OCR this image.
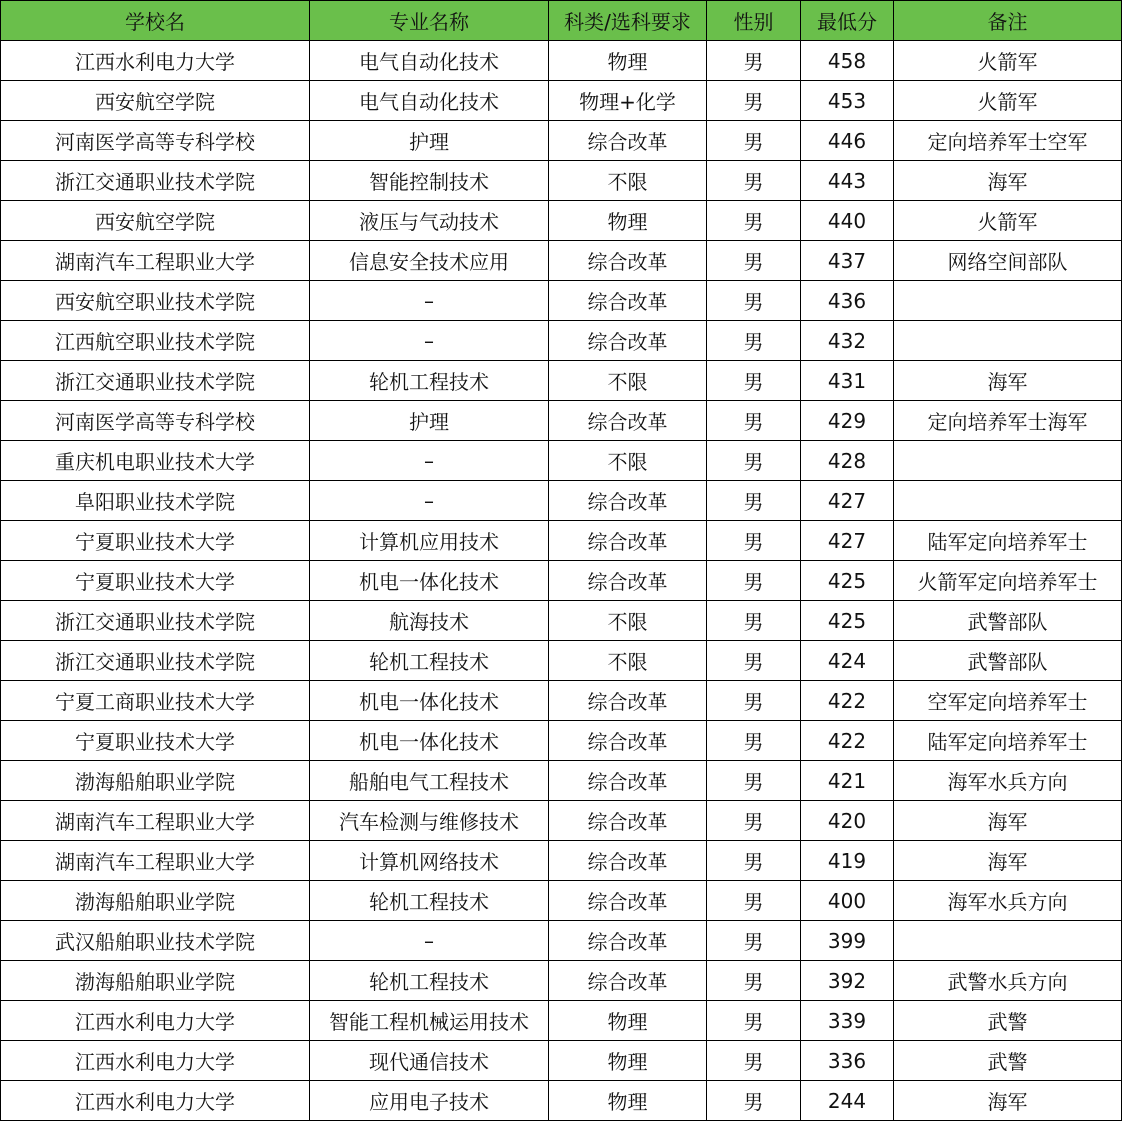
学校名	专业名称	科类/选科要求	性别	最低分	备注
江西水利电力大学	电气自动化技术	物理	男	458	火箭军
西安航空学院	电气自动化技术	物理+化学	男	453	火箭军
河南医学高等专科学校	护理	综合改革	男	446	定向培养军士空军
浙江交通职业技术学院	智能控制技术	不限	男	443	海军
西安航空学院	液压与气动技术	物理	男	440	火箭军
湖南汽车工程职业大学	信息安全技术应用	综合改革	男	437	网络空间部队
西安航空职业技术学院	–	综合改革	男	436	
江西航空职业技术学院	–	综合改革	男	432	
浙江交通职业技术学院	轮机工程技术	不限	男	431	海军
河南医学高等专科学校	护理	综合改革	男	429	定向培养军士海军
重庆机电职业技术大学	–	不限	男	428	
阜阳职业技术学院	–	综合改革	男	427	
宁夏职业技术大学	计算机应用技术	综合改革	男	427	陆军定向培养军士
宁夏职业技术大学	机电一体化技术	综合改革	男	425	火箭军定向培养军士
浙江交通职业技术学院	航海技术	不限	男	425	武警部队
浙江交通职业技术学院	轮机工程技术	不限	男	424	武警部队
宁夏工商职业技术大学	机电一体化技术	综合改革	男	422	空军定向培养军士
宁夏职业技术大学	机电一体化技术	综合改革	男	422	陆军定向培养军士
渤海船舶职业学院	船舶电气工程技术	综合改革	男	421	海军水兵方向
湖南汽车工程职业大学	汽车检测与维修技术	综合改革	男	420	海军
湖南汽车工程职业大学	计算机网络技术	综合改革	男	419	海军
渤海船舶职业学院	轮机工程技术	综合改革	男	400	海军水兵方向
武汉船舶职业技术学院	–	综合改革	男	399	
渤海船舶职业学院	轮机工程技术	综合改革	男	392	武警水兵方向
江西水利电力大学	智能工程机械运用技术	物理	男	339	武警
江西水利电力大学	现代通信技术	物理	男	336	武警
江西水利电力大学	应用电子技术	物理	男	244	海军
